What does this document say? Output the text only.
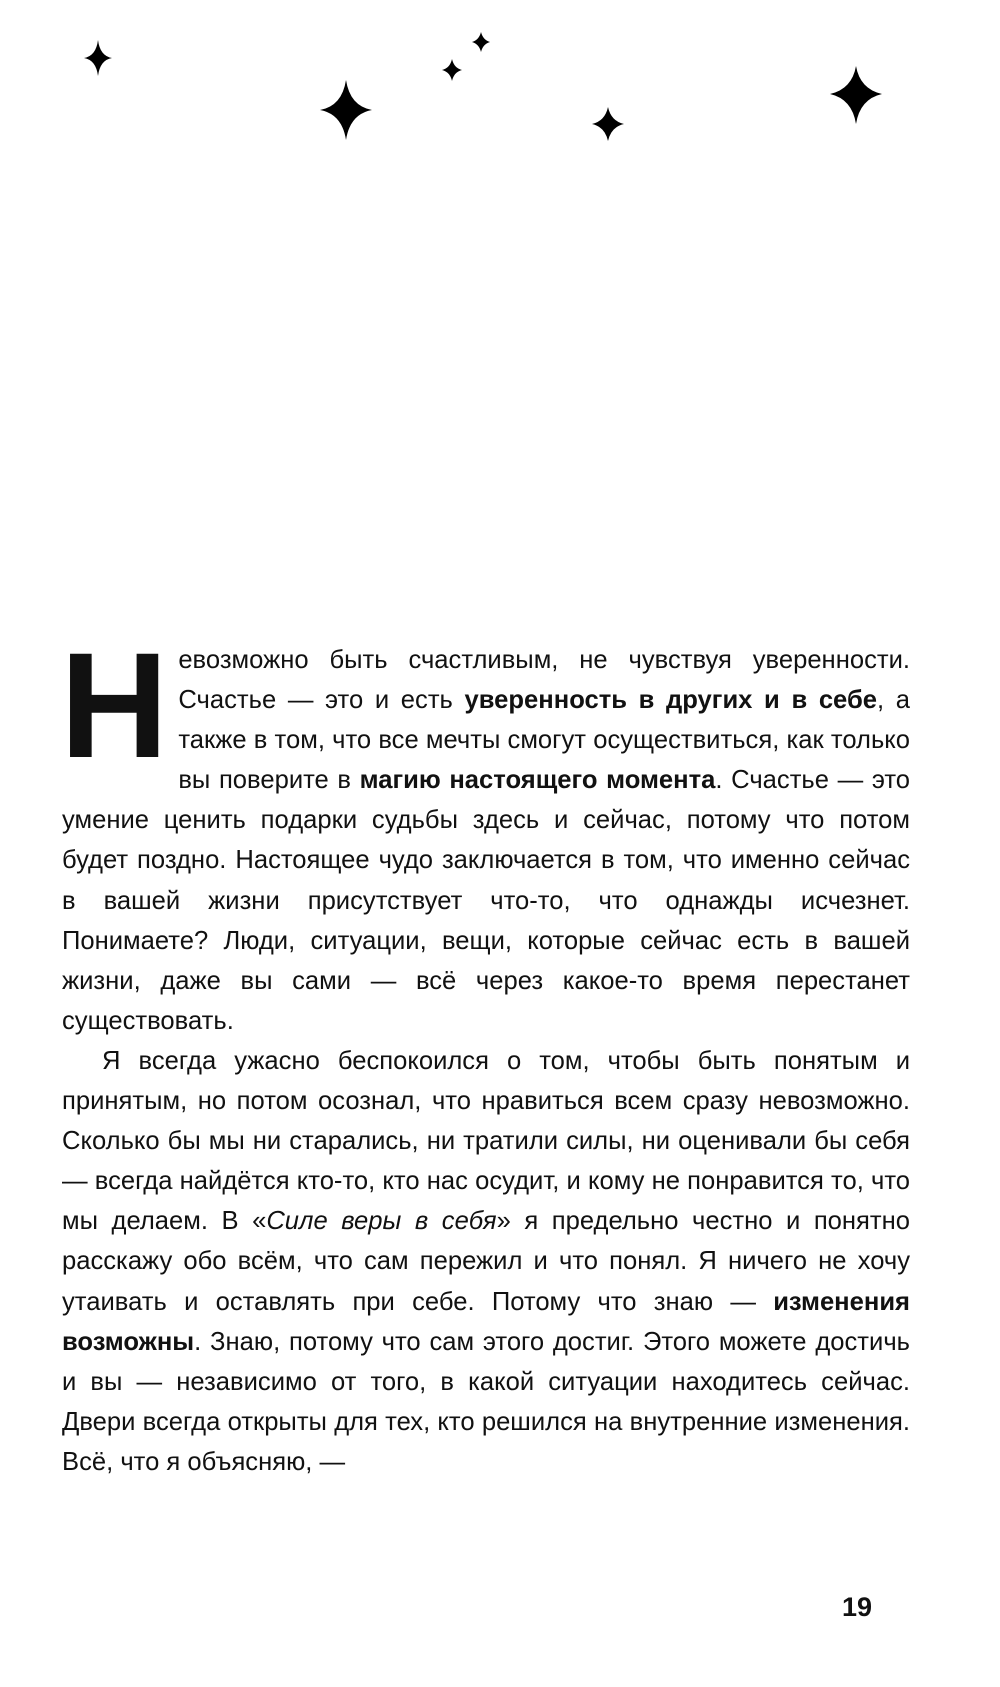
Невозможно быть счастливым, не чувствуя уверенности. Счастье — это и есть уверенность в других и в себе, а также в том, что все мечты смогут осуществиться, как только вы поверите в магию настоящего момента. Счастье — это умение ценить подарки судьбы здесь и сейчас, потому что потом будет поздно. Настоящее чудо заключается в том, что именно сейчас в вашей жизни присутствует что-то, что однажды исчезнет. Понимаете? Люди, ситуации, вещи, которые сейчас есть в вашей жизни, даже вы сами — всё через какое-то время перестанет существовать.

Я всегда ужасно беспокоился о том, чтобы быть понятым и принятым, но потом осознал, что нравиться всем сразу невозможно. Сколько бы мы ни старались, ни тратили силы, ни оценивали бы себя — всегда найдётся кто-то, кто нас осудит, и кому не понравится то, что мы делаем. В «Силе веры в себя» я предельно честно и понятно расскажу обо всём, что сам пережил и что понял. Я ничего не хочу утаивать и оставлять при себе. Потому что знаю — изменения возможны. Знаю, потому что сам этого достиг. Этого можете достичь и вы — независимо от того, в какой ситуации находитесь сейчас. Двери всегда открыты для тех, кто решился на внутренние изменения. Всё, что я объясняю, —

19
